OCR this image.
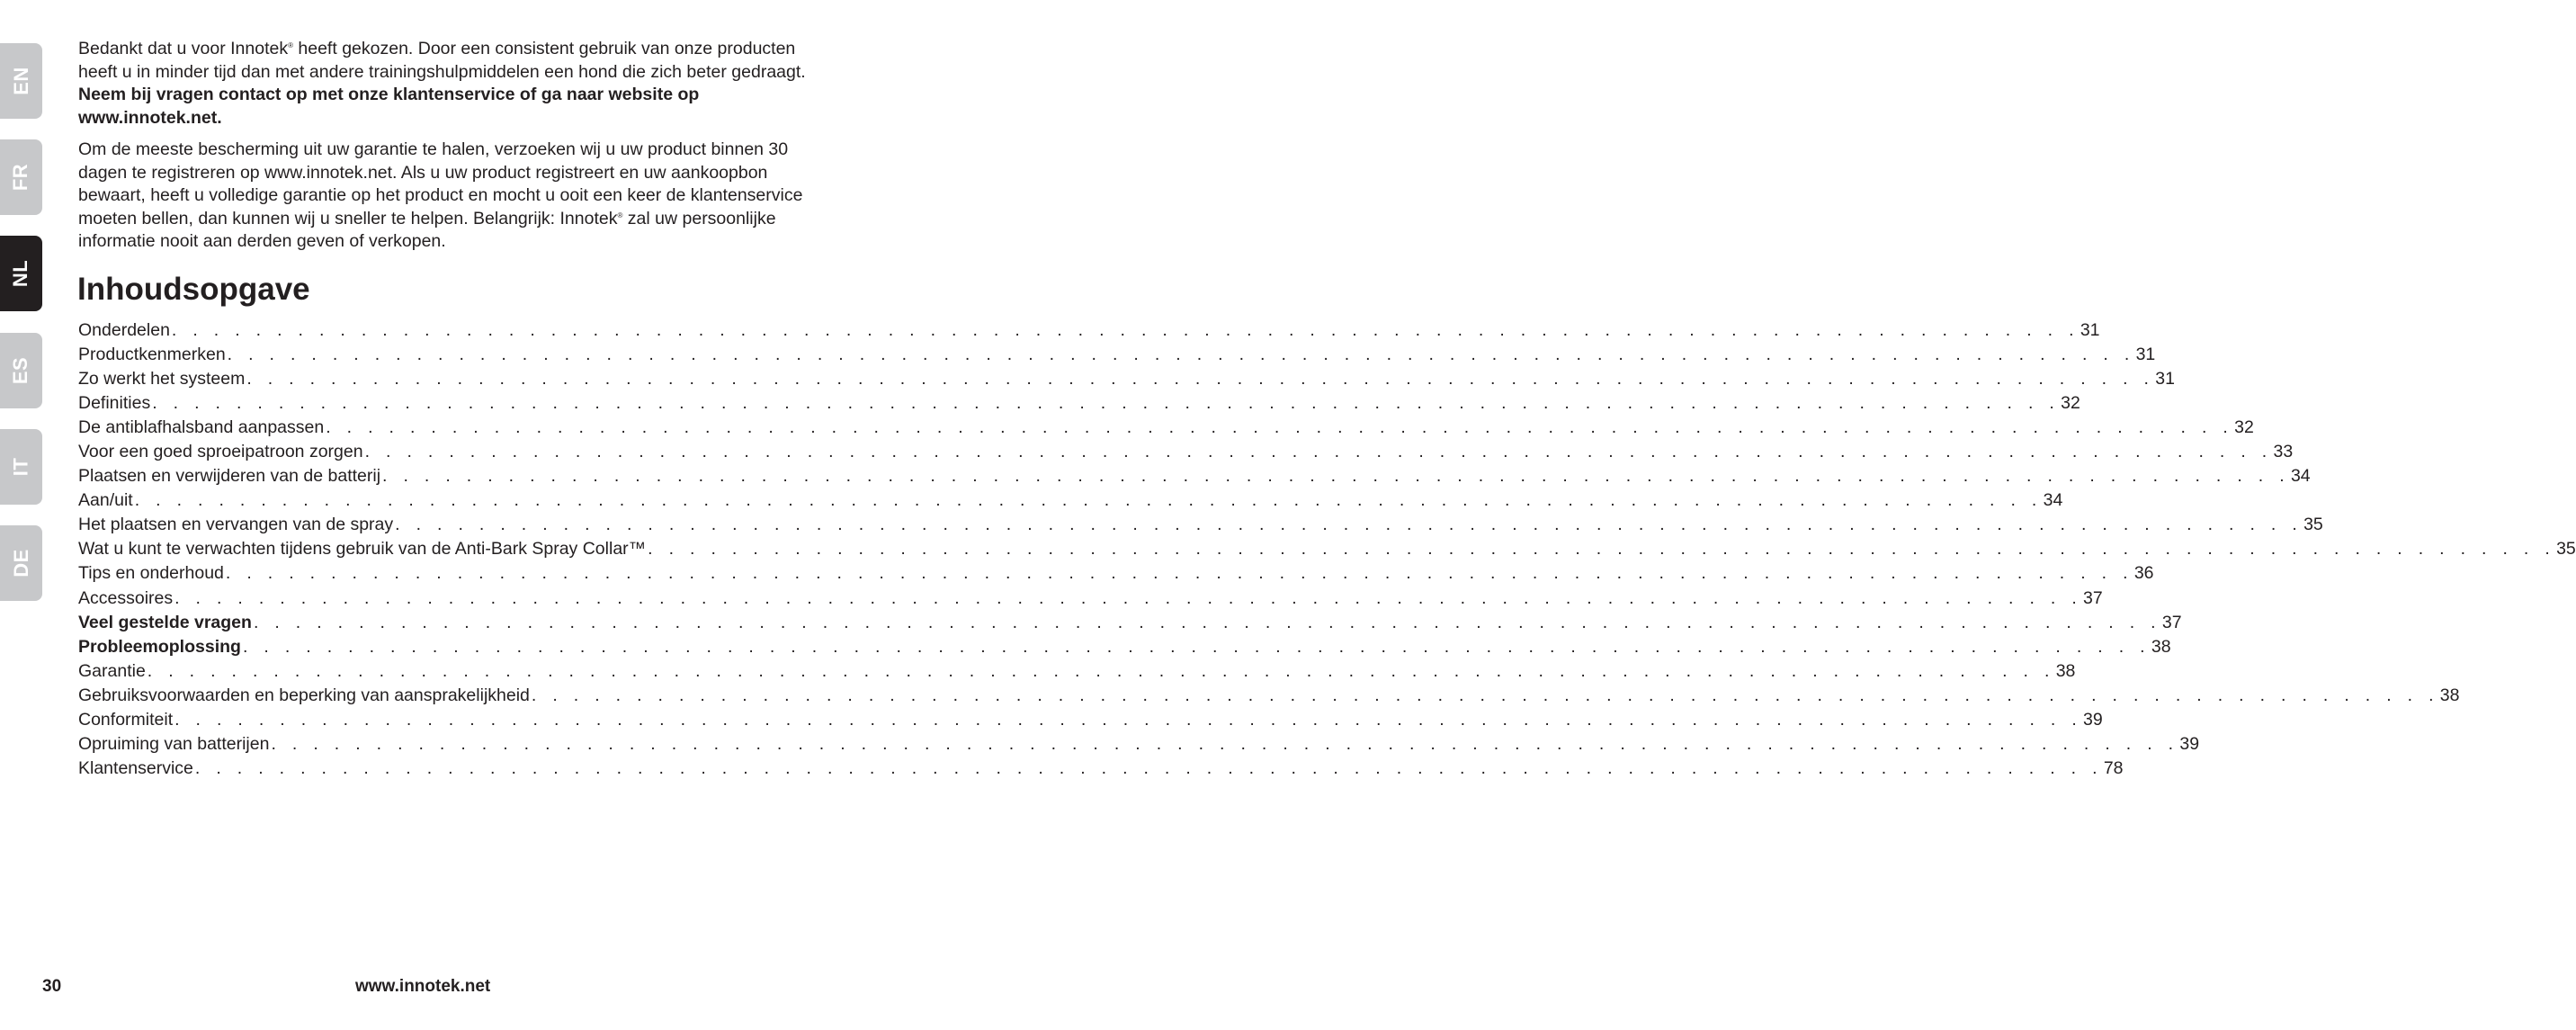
EN
FR
NL
ES
IT
DE

Bedankt dat u voor Innotek® heeft gekozen. Door een consistent gebruik van onze producten heeft u in minder tijd dan met andere trainingshulpmiddelen een hond die zich beter gedraagt. Neem bij vragen contact op met onze klantenservice of ga naar website op www.innotek.net.

Om de meeste bescherming uit uw garantie te halen, verzoeken wij u uw product binnen 30 dagen te registreren op www.innotek.net. Als u uw product registreert en uw aankoopbon bewaart, heeft u volledige garantie op het product en mocht u ooit een keer de klantenservice moeten bellen, dan kunnen wij u sneller te helpen. Belangrijk: Innotek® zal uw persoonlijke informatie nooit aan derden geven of verkopen.

Inhoudsopgave
Onderdelen . . . . . . . . . . . . . . . . . . . . . . . . . . . . . . . . . . . . . . . . . . . . . . . . . . . . . . . . . . . . . . . . . . . . . . . . . . . . . . . . . . . . . . . . . . . 31
Productkenmerken . . . . . . . . . . . . . . . . . . . . . . . . . . . . . . . . . . . . . . . . . . . . . . . . . . . . . . . . . . . . . . . . . . . . . . . . . . . . . . . . . . . . . . . . . . . 31
Zo werkt het systeem . . . . . . . . . . . . . . . . . . . . . . . . . . . . . . . . . . . . . . . . . . . . . . . . . . . . . . . . . . . . . . . . . . . . . . . . . . . . . . . . . . . . . . . . . . . 31
Definities . . . . . . . . . . . . . . . . . . . . . . . . . . . . . . . . . . . . . . . . . . . . . . . . . . . . . . . . . . . . . . . . . . . . . . . . . . . . . . . . . . . . . . . . . . . 32
De antiblafhalsband aanpassen . . . . . . . . . . . . . . . . . . . . . . . . . . . . . . . . . . . . . . . . . . . . . . . . . . . . . . . . . . . . . . . . . . . . . . . . . . . . . . . . . . . . . . . . . . . 32
Voor een goed sproeipatroon zorgen . . . . . . . . . . . . . . . . . . . . . . . . . . . . . . . . . . . . . . . . . . . . . . . . . . . . . . . . . . . . . . . . . . . . . . . . . . . . . . . . . . . . . . . . . . . 33
Plaatsen en verwijderen van de batterij . . . . . . . . . . . . . . . . . . . . . . . . . . . . . . . . . . . . . . . . . . . . . . . . . . . . . . . . . . . . . . . . . . . . . . . . . . . . . . . . . . . . . . . . . . . 34
Aan/uit . . . . . . . . . . . . . . . . . . . . . . . . . . . . . . . . . . . . . . . . . . . . . . . . . . . . . . . . . . . . . . . . . . . . . . . . . . . . . . . . . . . . . . . . . . . 34
Het plaatsen en vervangen van de spray . . . . . . . . . . . . . . . . . . . . . . . . . . . . . . . . . . . . . . . . . . . . . . . . . . . . . . . . . . . . . . . . . . . . . . . . . . . . . . . . . . . . . . . . . . . 35
Wat u kunt te verwachten tijdens gebruik van de Anti-Bark Spray Collar™ . . . . . . . . . . . . . . . . . . . . . . . . . . . . . . . . . . . . . . . . . . . . . . . . . . . . . . . . . . . . . . . . . . . . . . . . . . . . . . . . . . . . . . . . . . . 35
Tips en onderhoud . . . . . . . . . . . . . . . . . . . . . . . . . . . . . . . . . . . . . . . . . . . . . . . . . . . . . . . . . . . . . . . . . . . . . . . . . . . . . . . . . . . . . . . . . . . 36
Accessoires . . . . . . . . . . . . . . . . . . . . . . . . . . . . . . . . . . . . . . . . . . . . . . . . . . . . . . . . . . . . . . . . . . . . . . . . . . . . . . . . . . . . . . . . . . . 37
Veel gestelde vragen . . . . . . . . . . . . . . . . . . . . . . . . . . . . . . . . . . . . . . . . . . . . . . . . . . . . . . . . . . . . . . . . . . . . . . . . . . . . . . . . . . . . . . . . . . . 37
Probleemoplossing . . . . . . . . . . . . . . . . . . . . . . . . . . . . . . . . . . . . . . . . . . . . . . . . . . . . . . . . . . . . . . . . . . . . . . . . . . . . . . . . . . . . . . . . . . . 38
Garantie . . . . . . . . . . . . . . . . . . . . . . . . . . . . . . . . . . . . . . . . . . . . . . . . . . . . . . . . . . . . . . . . . . . . . . . . . . . . . . . . . . . . . . . . . . . 38
Gebruiksvoorwaarden en beperking van aansprakelijkheid . . . . . . . . . . . . . . . . . . . . . . . . . . . . . . . . . . . . . . . . . . . . . . . . . . . . . . . . . . . . . . . . . . . . . . . . . . . . . . . . . . . . . . . . . . . 38
Conformiteit . . . . . . . . . . . . . . . . . . . . . . . . . . . . . . . . . . . . . . . . . . . . . . . . . . . . . . . . . . . . . . . . . . . . . . . . . . . . . . . . . . . . . . . . . . . 39
Opruiming van batterijen . . . . . . . . . . . . . . . . . . . . . . . . . . . . . . . . . . . . . . . . . . . . . . . . . . . . . . . . . . . . . . . . . . . . . . . . . . . . . . . . . . . . . . . . . . . 39
Klantenservice . . . . . . . . . . . . . . . . . . . . . . . . . . . . . . . . . . . . . . . . . . . . . . . . . . . . . . . . . . . . . . . . . . . . . . . . . . . . . . . . . . . . . . . . . . . 78
30	www.innotek.net
